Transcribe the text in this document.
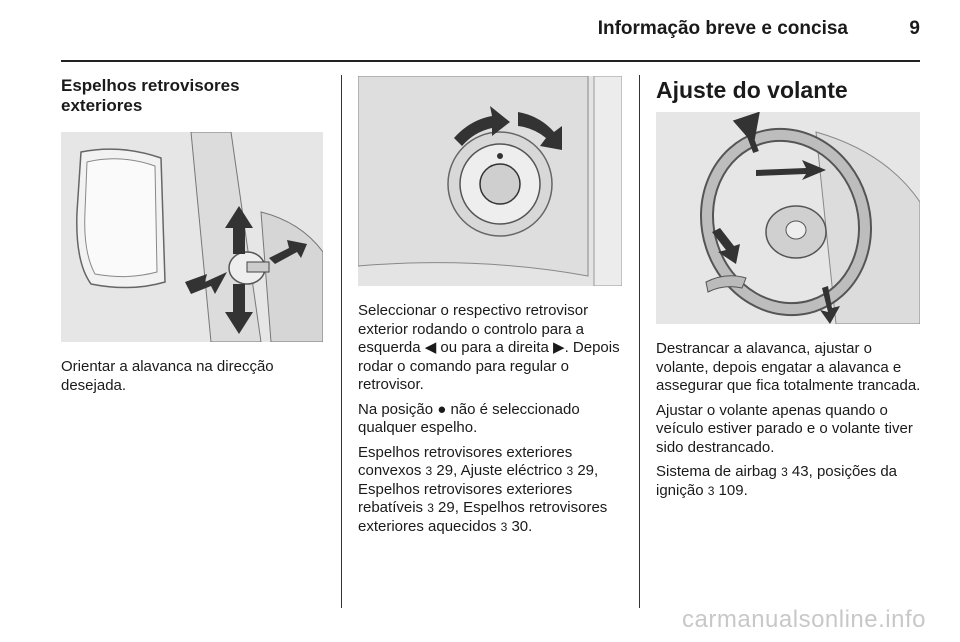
Informação breve e concisa	9
Espelhos retrovisores
exteriores

Orientar a alavanca na direcção desejada.

Seleccionar o respectivo retrovisor exterior rodando o controlo para a esquerda ◀ ou para a direita ▶. Depois rodar o comando para regular o retrovisor.

Na posição ● não é seleccionado qualquer espelho.

Espelhos retrovisores exteriores convexos 3 29, Ajuste eléctrico 3 29, Espelhos retrovisores exteriores rebatíveis 3 29, Espelhos retrovisores exteriores aquecidos 3 30.

Ajuste do volante

Destrancar a alavanca, ajustar o volante, depois engatar a alavanca e assegurar que fica totalmente trancada.

Ajustar o volante apenas quando o veículo estiver parado e o volante tiver sido destrancado.

Sistema de airbag 3 43, posições da ignição 3 109.

carmanualsonline.info
